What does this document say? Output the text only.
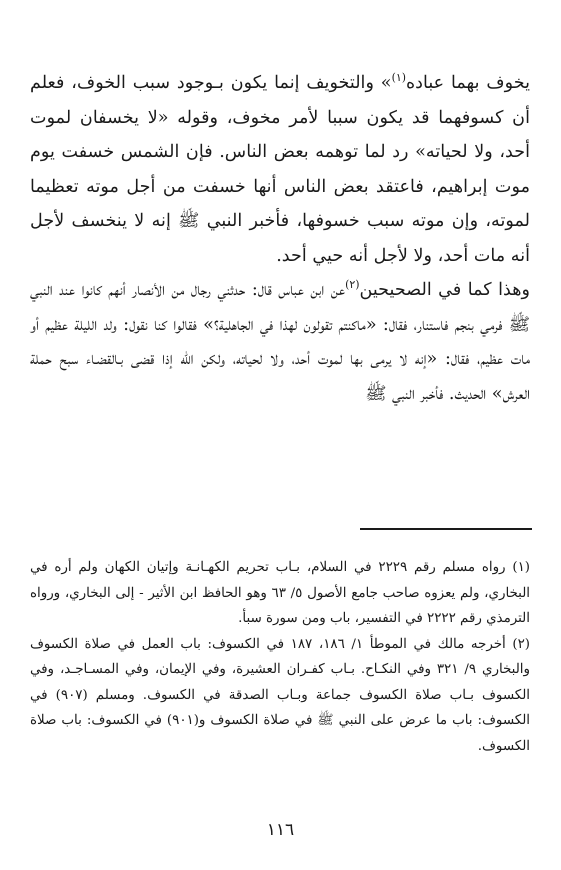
يخوف بهما عباده$^{(١)}$» والتخويف إنما يكون بـوجود سبب الخوف، فعلم أن كسوفهما قد يكون سببا لأمر مخوف، وقوله «لا يخسفان لموت أحد، ولا لحياته» رد لما توهمه بعض الناس. فإن الشمس خسفت يوم موت إبراهيم، فاعتقد بعض الناس أنها خسفت من أجل موته تعظيما لموته، وإن موته سبب خسوفها، فأخبر النبي ﷺ إنه لا ينخسف لأجل أنه مات أحد، ولا لأجل أنه حيي أحد.

وهذا كما في الصحيحين$^{(٢)}$عن ابن عباس قال: حدثني رجال من الأنصار أنهم كانوا عند النبي ﷺ فرمي بنجم فاستنار، فقال: «ماكنتم تقولون لهذا في الجاهلية؟» فقالوا كنا نقول: ولد الليلة عظيم أو مات عظيم، فقال: «إنه لا يرمى بها لموت أحد، ولا لحياته، ولكن الله إذا قضى بـالقضـاء سبح حملة العرش» الحديث. فأخبر النبي ﷺ

(١) رواه مسلم رقم ٢٢٢٩ في السلام، بـاب تحريم الكهـانـة وإتيان الكهان ولم أره في البخاري، ولم يعزوه صاحب جامع الأصول ٥/ ٦٣ وهو الحافظ ابن الأثير - إلى البخاري، ورواه الترمذي رقم ٢٢٢٢ في التفسير، باب ومن سورة سبأ.

(٢) أخرجه مالك في الموطأ ١/ ١٨٦، ١٨٧ في الكسوف: باب العمل في صلاة الكسوف والبخاري ٩/ ٣٢١ وفي النكـاح. بـاب كفـران العشيرة، وفي الإيمان، وفي المسـاجـد، وفي الكسوف بـاب صلاة الكسوف جماعة وبـاب الصدقة في الكسوف. ومسلم (٩٠٧) في الكسوف: باب ما عرض على النبي ﷺ في صلاة الكسوف و(٩٠١) في الكسوف: باب صلاة الكسوف.

١١٦
